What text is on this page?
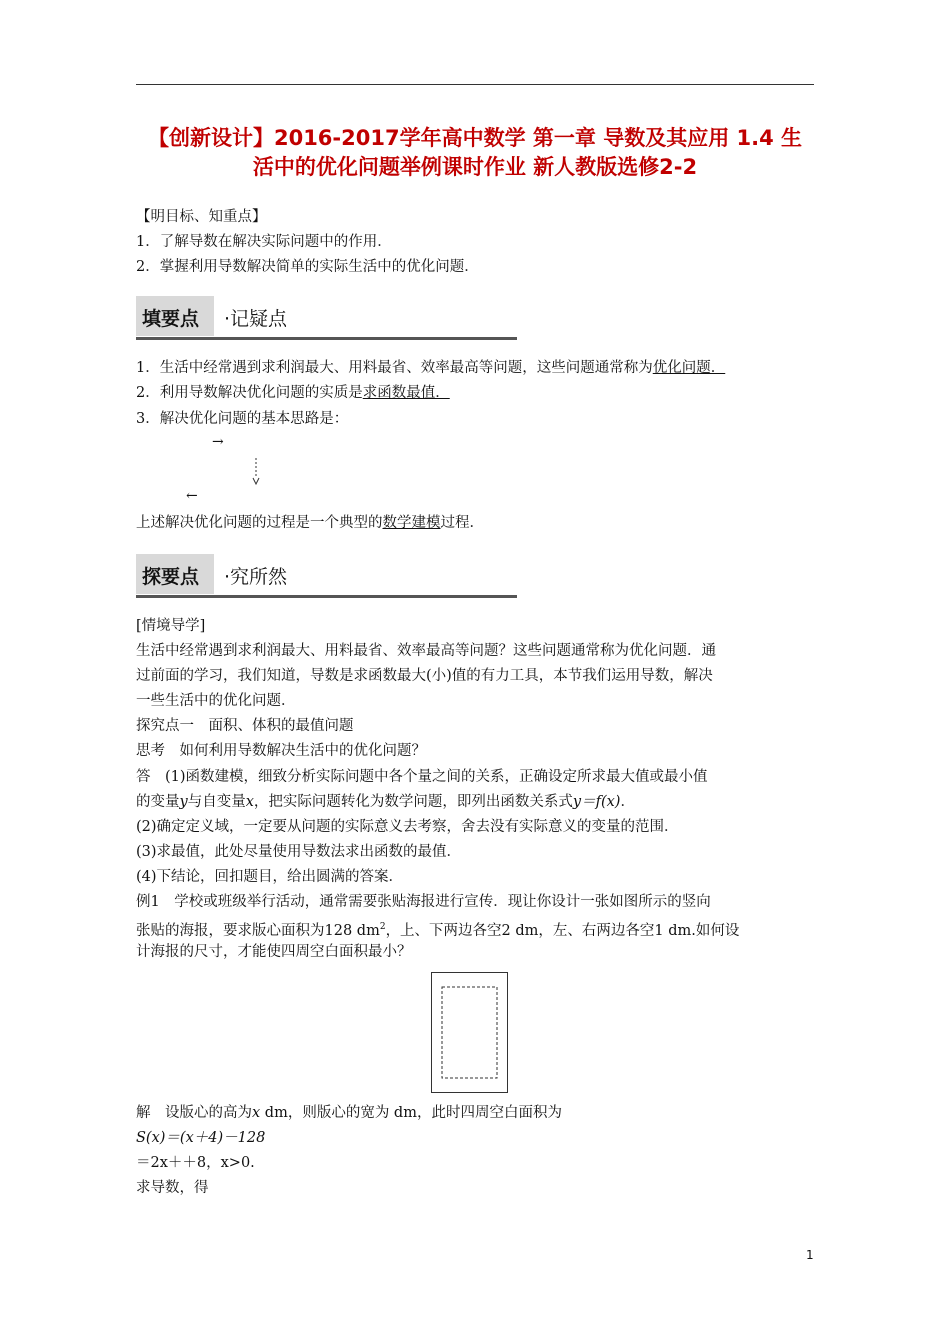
【创新设计】2016-2017学年高中数学 第一章 导数及其应用 1.4 生
活中的优化问题举例课时作业 新人教版选修2-2
【明目标、知重点】
1．了解导数在解决实际问题中的作用．
2．掌握利用导数解决简单的实际生活中的优化问题．
填要点 ·记疑点
1．生活中经常遇到求利润最大、用料最省、效率最高等问题，这些问题通常称为优化问题．
2．利用导数解决优化问题的实质是求函数最值．
3．解决优化问题的基本思路是：
→
←
上述解决优化问题的过程是一个典型的数学建模过程．
探要点 ·究所然
[情境导学]
生活中经常遇到求利润最大、用料最省、效率最高等问题？这些问题通常称为优化问题．通
过前面的学习，我们知道，导数是求函数最大(小)值的有力工具，本节我们运用导数，解决
一些生活中的优化问题．
探究点一　面积、体积的最值问题
思考　如何利用导数解决生活中的优化问题？
答　(1)函数建模，细致分析实际问题中各个量之间的关系，正确设定所求最大值或最小值
的变量y与自变量x，把实际问题转化为数学问题，即列出函数关系式y＝f(x)．
(2)确定定义域，一定要从问题的实际意义去考察，舍去没有实际意义的变量的范围．
(3)求最值，此处尽量使用导数法求出函数的最值．
(4)下结论，回扣题目，给出圆满的答案．
例1　学校或班级举行活动，通常需要张贴海报进行宣传．现让你设计一张如图所示的竖向
张贴的海报，要求版心面积为128 $dm^2$，上、下两边各空2 dm，左、右两边各空1 dm.如何设
计海报的尺寸，才能使四周空白面积最小？
解　设版心的高为x dm，则版心的宽为 dm，此时四周空白面积为
S(x)＝(x＋4)－128
＝2x＋＋8，x>0.
求导数，得
1
